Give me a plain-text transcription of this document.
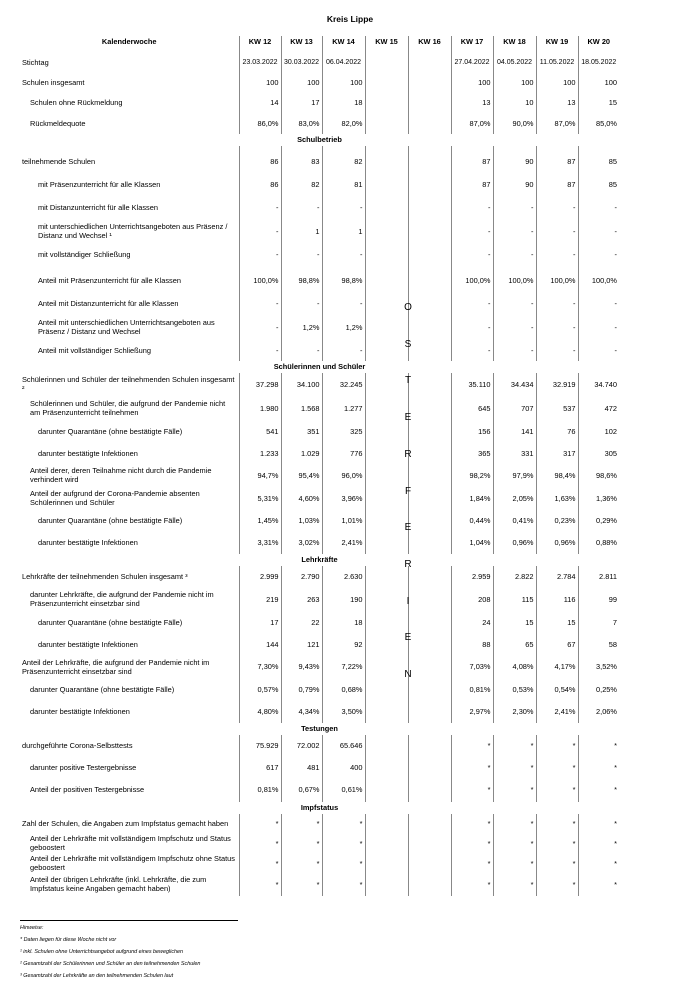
Kreis Lippe
Kalenderwoche	KW 12	KW 13	KW 14	KW 15	KW 16	KW 17	KW 18	KW 19	KW 20

Stichtag	23.03.2022	30.03.2022	06.04.2022			27.04.2022	04.05.2022	11.05.2022	18.05.2022

Schulen insgesamt	100	100	100			100	100	100	100
Schulen ohne Rückmeldung	14	17	18			13	10	13	15
Rückmeldequote	86,0%	83,0%	82,0%			87,0%	90,0%	87,0%	85,0%
Schulbetrieb									

teilnehmende Schulen	86	83	82			87	90	87	85
mit Präsenzunterricht für alle Klassen	86	82	81			87	90	87	85
mit Distanzunterricht für alle Klassen	-	-	-			-	-	-	-
mit unterschiedlichen Unterrichtsangeboten aus Präsenz / Distanz und Wechsel ¹	-	1	1			-	-	-	-
mit vollständiger Schließung	-	-	-			-	-	-	-

Anteil mit Präsenzunterricht für alle Klassen	100,0%	98,8%	98,8%			100,0%	100,0%	100,0%	100,0%
Anteil mit Distanzunterricht für alle Klassen	-	-	-			-	-	-	-
Anteil mit unterschiedlichen Unterrichtsangeboten aus Präsenz / Distanz und Wechsel	-	1,2%	1,2%			-	-	-	-
Anteil mit vollständiger Schließung	-	-	-			-	-	-	-
Schülerinnen und Schüler									
Schülerinnen und Schüler der teilnehmenden Schulen insgesamt ²	37.298	34.100	32.245			35.110	34.434	32.919	34.740
Schülerinnen und Schüler, die aufgrund der Pandemie nicht am Präsenzunterricht teilnehmen	1.980	1.568	1.277			645	707	537	472
darunter Quarantäne (ohne bestätigte Fälle)	541	351	325			156	141	76	102
darunter bestätigte Infektionen	1.233	1.029	776			365	331	317	305
Anteil derer, deren Teilnahme nicht durch die Pandemie verhindert wird	94,7%	95,4%	96,0%			98,2%	97,9%	98,4%	98,6%
Anteil der aufgrund der Corona-Pandemie absenten Schülerinnen und Schüler	5,31%	4,60%	3,96%			1,84%	2,05%	1,63%	1,36%
darunter Quarantäne (ohne bestätigte Fälle)	1,45%	1,03%	1,01%			0,44%	0,41%	0,23%	0,29%
darunter bestätigte Infektionen	3,31%	3,02%	2,41%			1,04%	0,96%	0,96%	0,88%
Lehrkräfte									
Lehrkräfte der teilnehmenden Schulen insgesamt ³	2.999	2.790	2.630			2.959	2.822	2.784	2.811
darunter Lehrkräfte, die aufgrund der Pandemie nicht im Präsenzunterricht einsetzbar sind	219	263	190			208	115	116	99
darunter Quarantäne (ohne bestätigte Fälle)	17	22	18			24	15	15	7
darunter bestätigte Infektionen	144	121	92			88	65	67	58
Anteil der Lehrkräfte, die aufgrund der Pandemie nicht im Präsenzunterricht einsetzbar sind	7,30%	9,43%	7,22%			7,03%	4,08%	4,17%	3,52%
darunter Quarantäne (ohne bestätigte Fälle)	0,57%	0,79%	0,68%			0,81%	0,53%	0,54%	0,25%
darunter bestätigte Infektionen	4,80%	4,34%	3,50%			2,97%	2,30%	2,41%	2,06%
Testungen									
durchgeführte Corona-Selbsttests	75.929	72.002	65.646			*	*	*	*
darunter positive Testergebnisse	617	481	400			*	*	*	*
Anteil der positiven Testergebnisse	0,81%	0,67%	0,61%			*	*	*	*
Impfstatus									
Zahl der Schulen, die Angaben zum Impfstatus gemacht haben	*	*	*			*	*	*	*
Anteil der Lehrkräfte mit vollständigem Impfschutz und Status geboostert	*	*	*			*	*	*	*
Anteil der Lehrkräfte mit vollständigem Impfschutz ohne Status geboostert	*	*	*			*	*	*	*
Anteil der übrigen Lehrkräfte (inkl. Lehrkräfte, die zum Impfstatus keine Angaben gemacht haben)	*	*	*			*	*	*	*
O
S
T
E
R
F
E
R
I
E
N
Hinweise:
* Daten liegen für diese Woche nicht vor
¹ inkl. Schulen ohne Unterrichtsangebot aufgrund eines beweglichen
² Gesamtzahl der Schülerinnen und Schüler an den teilnehmenden Schulen
³ Gesamtzahl der Lehrkräfte an den teilnehmenden Schulen laut
